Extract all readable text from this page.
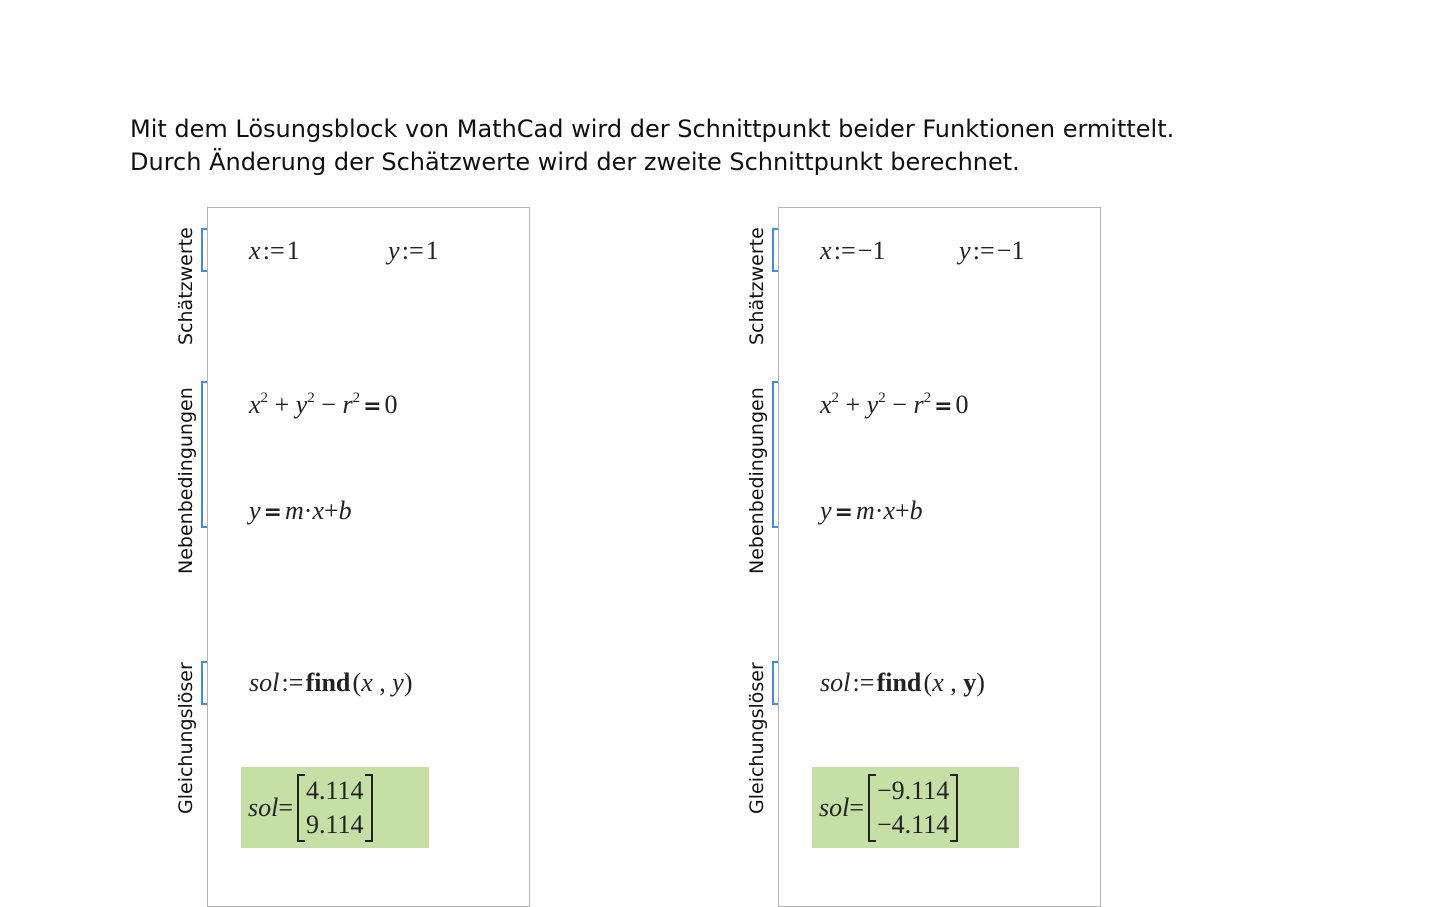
Mit dem Lösungsblock von MathCad wird der Schnittpunkt beider Funktionen ermittelt.
Durch Änderung der Schätzwerte wird der zweite Schnittpunkt berechnet.
Schätzwerte
Nebenbedingungen
Gleichungslöser
x := 1	y := 1
$x^2 + y^2 - r^2 = 0$
y = m·x+b
sol := find (x , y)
sol=
4.114
9.114
Schätzwerte
Nebenbedingungen
Gleichungslöser
x := −1	y := −1
$x^2 + y^2 - r^2 = 0$
y = m·x+b
sol := find (x , y)
sol=
−9.114
−4.114
